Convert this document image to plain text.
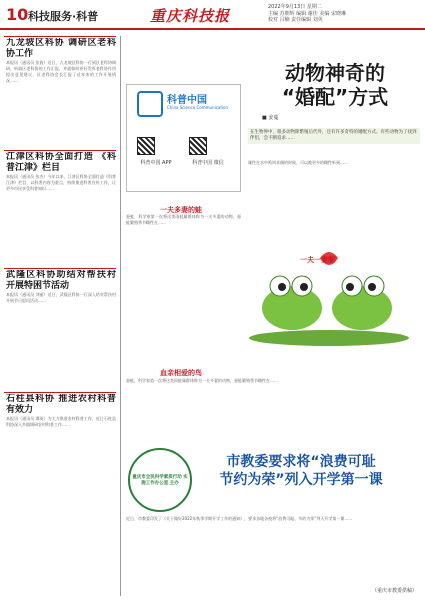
10 科技服务·科普	重庆科技报	2022年9月13日 星期二
主编 苏朝辉 编辑 谢佳 美编 宋晓琳
校对 吕楠 责任编辑 刘英
九龙坡区科协 调研区老科协工作
本报讯（通讯员 张旌）近日，九龙坡区科协一行到区老科协调研，听取区老科协的工作汇报，并就如何更好发挥老科协作用提出意见建议。区老科协会长汇报了近年来的工作开展情况……
江津区科协全面打造 《科普江津》栏目
本报讯（通讯员 张杰）今年以来，江津区科协全面打造《科普江津》栏目，以科普内容为重点，持续推进科普宣传工作，让更多市民享受科普知识……
武隆区科协助结对帮扶村 开展特困节活动
本报讯（通讯员 刘丽）近日，武隆区科协一行深入结对帮扶村开展节日慰问活动……
石柱县科协 推进农村科普有效力
本报讯（通讯员 谭英）为大力推进农村科普工作，近日石柱县科协深入乡镇调研农村科普工作……
动物神奇的
“婚配”方式
■ 姜蔓
在生物界中，很多动物除繁殖后代外，还有许多奇特的婚配方式。有些动物为了找到伴侣，会不断追求……
科普中国
China Science Communication
科普中国 APP	科普中国 微信
一夫多妻的蛙
蚕蛙，科学家第一次将这类雨蛙属群体称为一夫多妻的动物，蚕蛙繁殖季节雌性在……
雄性在水中鸣叫求偶的时候，可以被更多的雌性听到……
一夫一妻制
血亲相爱的鸟
蚕蛙，科学家第一次将这类雨蛙属群体称为一夫多妻的动物，蚕蛙繁殖季节雌性在……
重庆市全民科学素质行动 实施工作办公室 主办
市教委要求将“浪费可耻
节约为荣”列入开学第一课
近日，市教委印发了《关于做好2022年秋季学期开学工作的通知》，要求各地各校将“浪费可耻、节约为荣”列入开学第一课……
（重庆市教委供稿）
